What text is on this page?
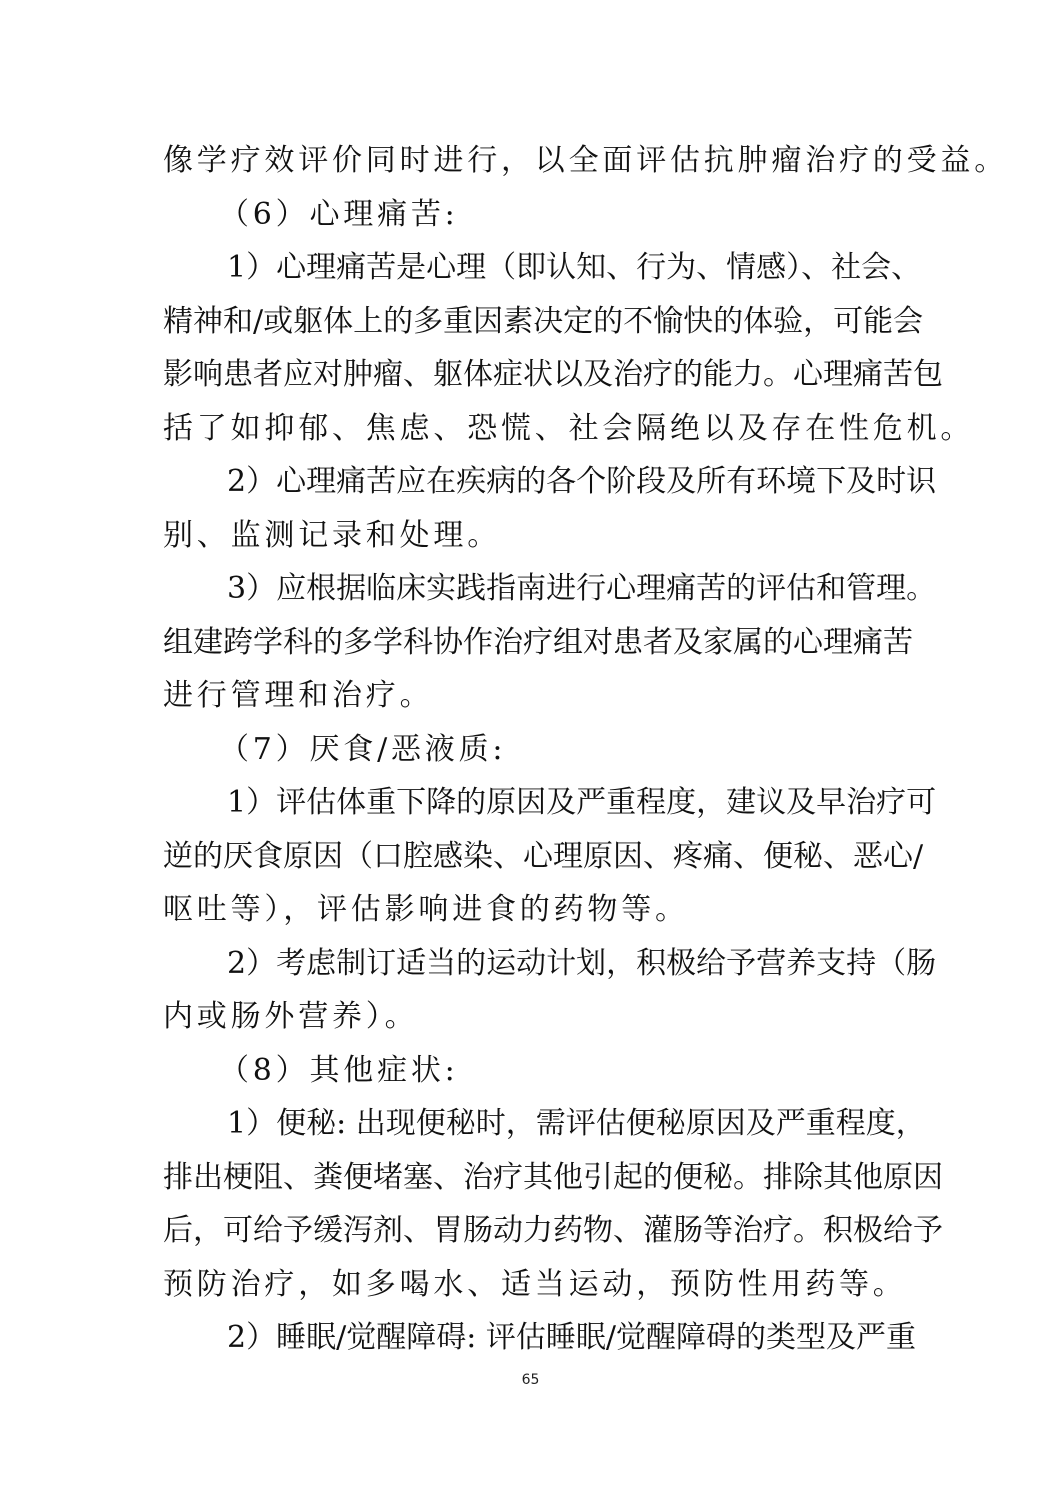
像学疗效评价同时进行，以全面评估抗肿瘤治疗的受益。
（6）心理痛苦:
1）心理痛苦是心理（即认知、行为、情感）、社会、
精神和/或躯体上的多重因素决定的不愉快的体验，可能会
影响患者应对肿瘤、躯体症状以及治疗的能力。心理痛苦包
括了如抑郁、焦虑、恐慌、社会隔绝以及存在性危机。
2）心理痛苦应在疾病的各个阶段及所有环境下及时识
别、监测记录和处理。
3）应根据临床实践指南进行心理痛苦的评估和管理。
组建跨学科的多学科协作治疗组对患者及家属的心理痛苦
进行管理和治疗。
（7）厌食/恶液质:
1）评估体重下降的原因及严重程度，建议及早治疗可
逆的厌食原因（口腔感染、心理原因、疼痛、便秘、恶心/
呕吐等），评估影响进食的药物等。
2）考虑制订适当的运动计划，积极给予营养支持（肠
内或肠外营养）。
（8）其他症状:
1）便秘: 出现便秘时，需评估便秘原因及严重程度，
排出梗阻、粪便堵塞、治疗其他引起的便秘。排除其他原因
后，可给予缓泻剂、胃肠动力药物、灌肠等治疗。积极给予
预防治疗，如多喝水、适当运动，预防性用药等。
2）睡眠/觉醒障碍: 评估睡眠/觉醒障碍的类型及严重
65
